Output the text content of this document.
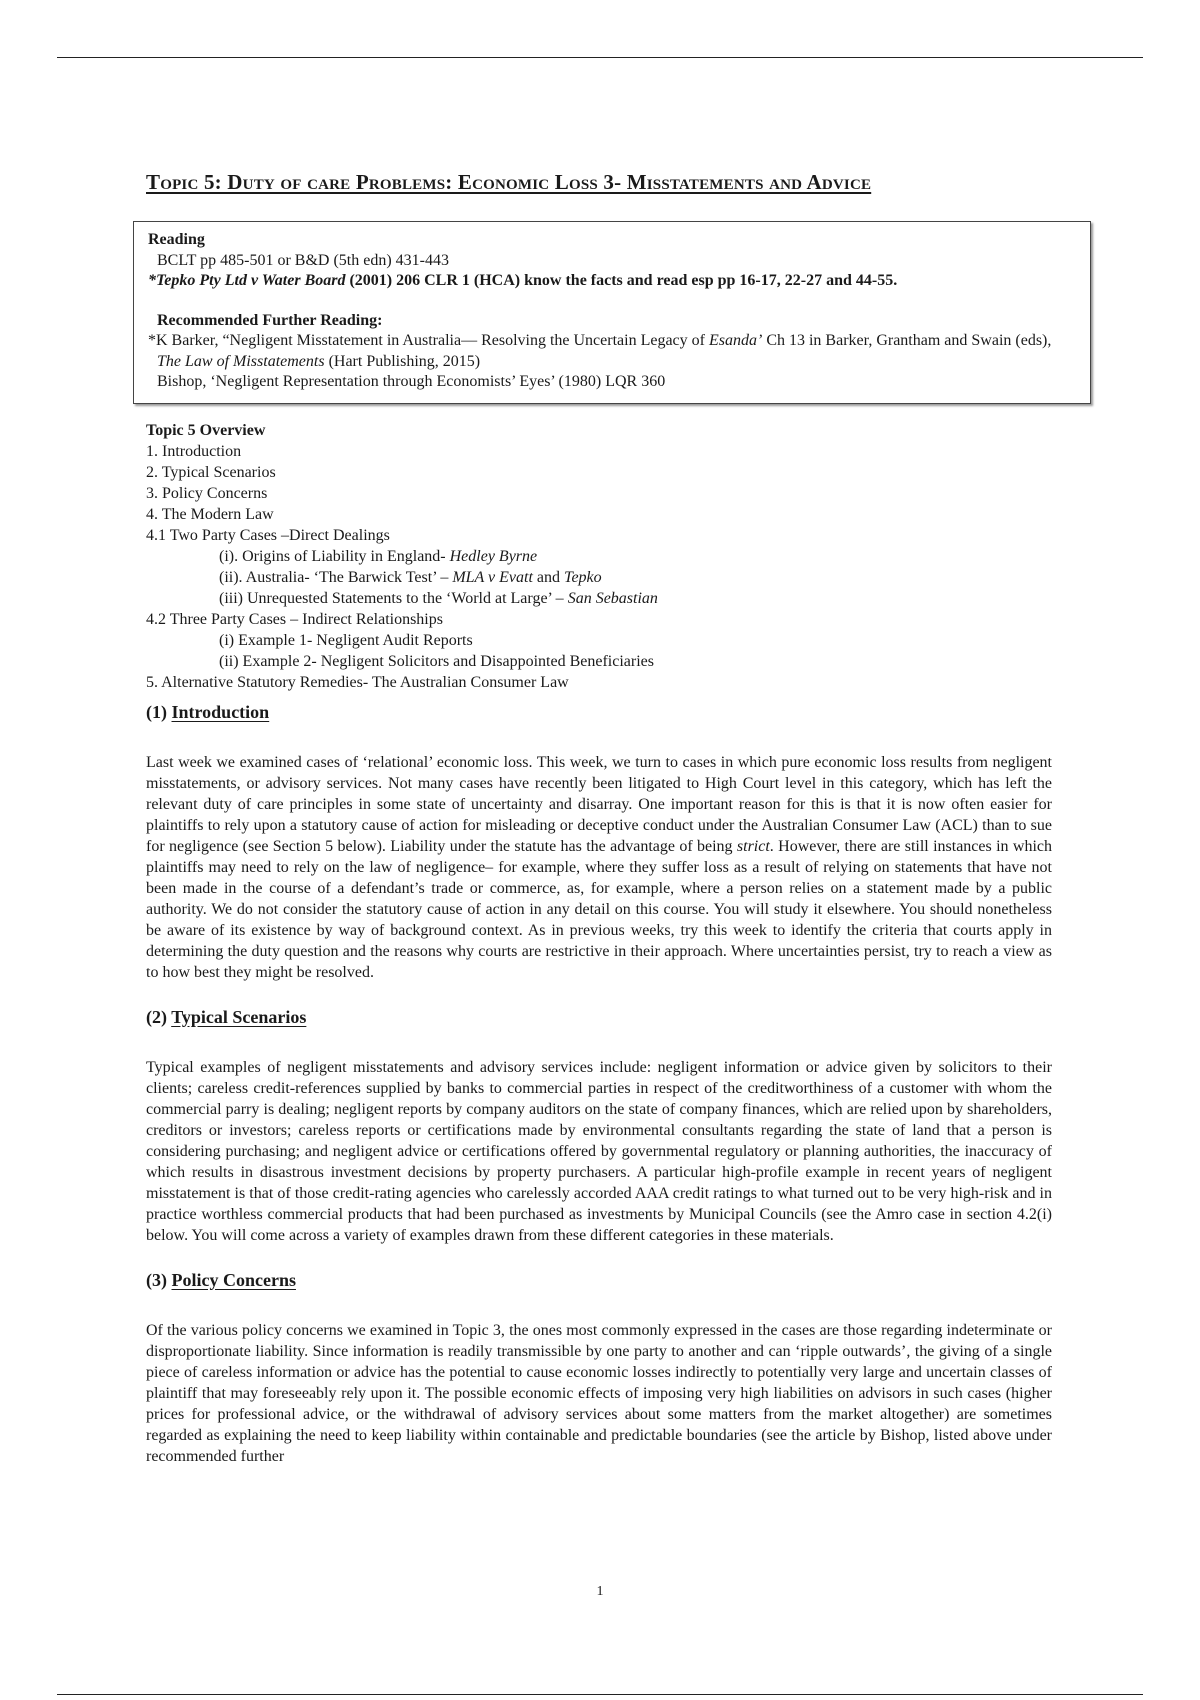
Topic 5: Duty of care Problems: Economic Loss 3- Misstatements and Advice
Reading
BCLT pp 485-501 or B&D (5th edn) 431-443
*Tepko Pty Ltd v Water Board (2001) 206 CLR 1 (HCA) know the facts and read esp pp 16-17, 22-27 and 44-55.
Recommended Further Reading:
*K Barker, “Negligent Misstatement in Australia— Resolving the Uncertain Legacy of Esanda’ Ch 13 in Barker, Grantham and Swain (eds), The Law of Misstatements (Hart Publishing, 2015)
Bishop, ‘Negligent Representation through Economists’ Eyes’ (1980) LQR 360
Topic 5 Overview
1. Introduction
2. Typical Scenarios
3. Policy Concerns
4. The Modern Law
4.1 Two Party Cases –Direct Dealings
(i). Origins of Liability in England- Hedley Byrne
(ii). Australia- ‘The Barwick Test’ – MLA v Evatt and Tepko
(iii) Unrequested Statements to the ‘World at Large’ – San Sebastian
4.2 Three Party Cases – Indirect Relationships
(i) Example 1- Negligent Audit Reports
(ii) Example 2- Negligent Solicitors and Disappointed Beneficiaries
5. Alternative Statutory Remedies- The Australian Consumer Law
(1) Introduction

Last week we examined cases of ‘relational’ economic loss. This week, we turn to cases in which pure economic loss results from negligent misstatements, or advisory services. Not many cases have recently been litigated to High Court level in this category, which has left the relevant duty of care principles in some state of uncertainty and disarray. One important reason for this is that it is now often easier for plaintiffs to rely upon a statutory cause of action for misleading or deceptive conduct under the Australian Consumer Law (ACL) than to sue for negligence (see Section 5 below). Liability under the statute has the advantage of being strict. However, there are still instances in which plaintiffs may need to rely on the law of negligence– for example, where they suffer loss as a result of relying on statements that have not been made in the course of a defendant’s trade or commerce, as, for example, where a person relies on a statement made by a public authority. We do not consider the statutory cause of action in any detail on this course. You will study it elsewhere. You should nonetheless be aware of its existence by way of background context. As in previous weeks, try this week to identify the criteria that courts apply in determining the duty question and the reasons why courts are restrictive in their approach. Where uncertainties persist, try to reach a view as to how best they might be resolved.

(2) Typical Scenarios

Typical examples of negligent misstatements and advisory services include: negligent information or advice given by solicitors to their clients; careless credit-references supplied by banks to commercial parties in respect of the creditworthiness of a customer with whom the commercial parry is dealing; negligent reports by company auditors on the state of company finances, which are relied upon by shareholders, creditors or investors; careless reports or certifications made by environmental consultants regarding the state of land that a person is considering purchasing; and negligent advice or certifications offered by governmental regulatory or planning authorities, the inaccuracy of which results in disastrous investment decisions by property purchasers. A particular high-profile example in recent years of negligent misstatement is that of those credit-rating agencies who carelessly accorded AAA credit ratings to what turned out to be very high-risk and in practice worthless commercial products that had been purchased as investments by Municipal Councils (see the Amro case in section 4.2(i) below. You will come across a variety of examples drawn from these different categories in these materials.

(3) Policy Concerns

Of the various policy concerns we examined in Topic 3, the ones most commonly expressed in the cases are those regarding indeterminate or disproportionate liability. Since information is readily transmissible by one party to another and can ‘ripple outwards’, the giving of a single piece of careless information or advice has the potential to cause economic losses indirectly to potentially very large and uncertain classes of plaintiff that may foreseeably rely upon it. The possible economic effects of imposing very high liabilities on advisors in such cases (higher prices for professional advice, or the withdrawal of advisory services about some matters from the market altogether) are sometimes regarded as explaining the need to keep liability within containable and predictable boundaries (see the article by Bishop, listed above under recommended further

1
